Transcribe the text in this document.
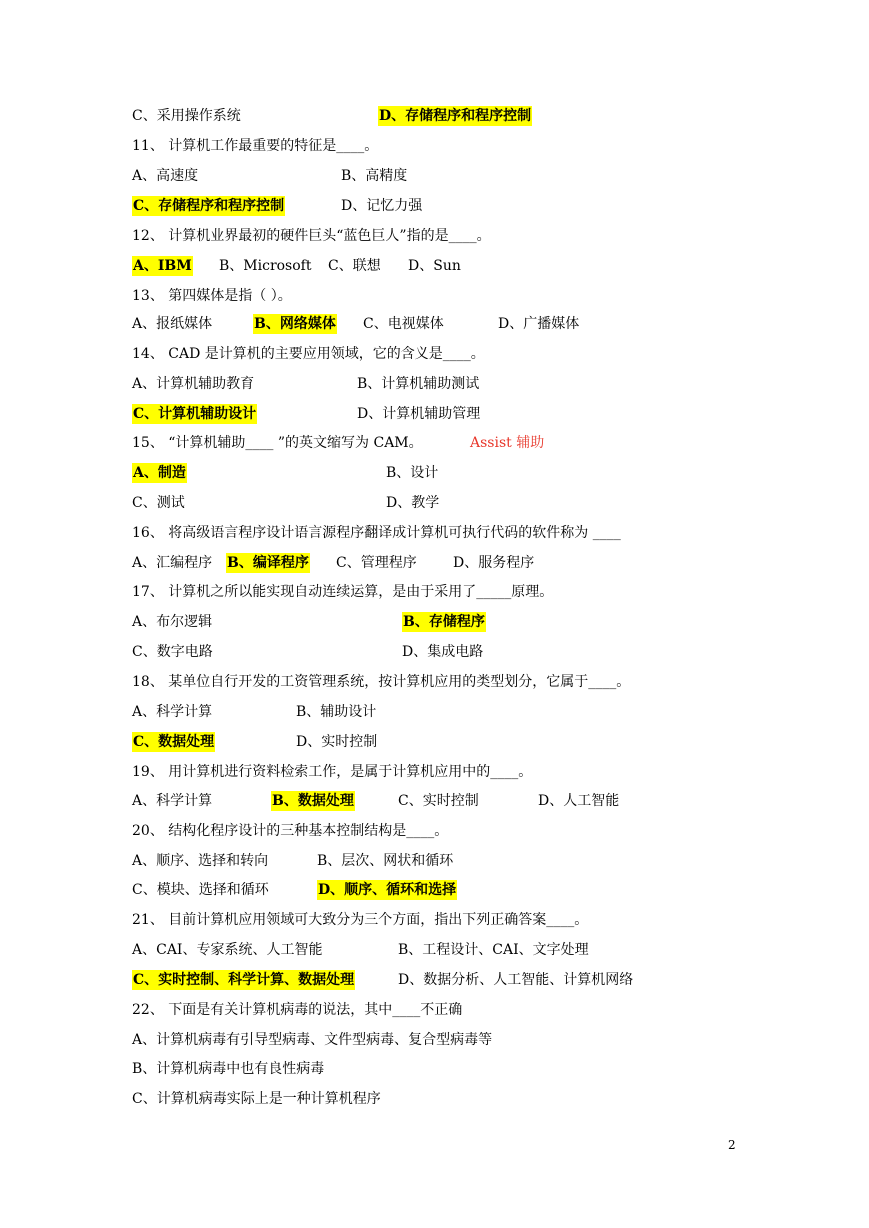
C、采用操作系统	D、存储程序和程序控制
11、 计算机工作最重要的特征是____。
A、高速度	B、高精度
C、存储程序和程序控制	D、记忆力强
12、 计算机业界最初的硬件巨头“蓝色巨人”指的是____。
A、IBM B、Microsoft C、联想 D、Sun
13、 第四媒体是指（ ）。
A、报纸媒体	B、网络媒体 C、电视媒体	D、广播媒体
14、 CAD 是计算机的主要应用领域，它的含义是____。
A、计算机辅助教育	B、计算机辅助测试
C、计算机辅助设计	D、计算机辅助管理
15、 “计算机辅助____ ”的英文缩写为 CAM。	Assist 辅助
A、制造	B、设计
C、测试	D、教学
16、 将高级语言程序设计语言源程序翻译成计算机可执行代码的软件称为 ____
A、汇编程序 B、编译程序 C、管理程序	D、服务程序
17、 计算机之所以能实现自动连续运算，是由于采用了_____原理。
A、布尔逻辑	B、存储程序
C、数字电路	D、集成电路
18、 某单位自行开发的工资管理系统，按计算机应用的类型划分，它属于____。
A、科学计算	B、辅助设计
C、数据处理	D、实时控制
19、 用计算机进行资料检索工作，是属于计算机应用中的____。
A、科学计算	B、数据处理	C、实时控制	D、人工智能
20、 结构化程序设计的三种基本控制结构是____。
A、顺序、选择和转向	B、层次、网状和循环
C、模块、选择和循环	D、顺序、循环和选择
21、 目前计算机应用领域可大致分为三个方面，指出下列正确答案____。
A、CAI、专家系统、人工智能	B、工程设计、CAI、文字处理
C、实时控制、科学计算、数据处理	D、数据分析、人工智能、计算机网络
22、 下面是有关计算机病毒的说法，其中____不正确
A、计算机病毒有引导型病毒、文件型病毒、复合型病毒等
B、计算机病毒中也有良性病毒
C、计算机病毒实际上是一种计算机程序
2
